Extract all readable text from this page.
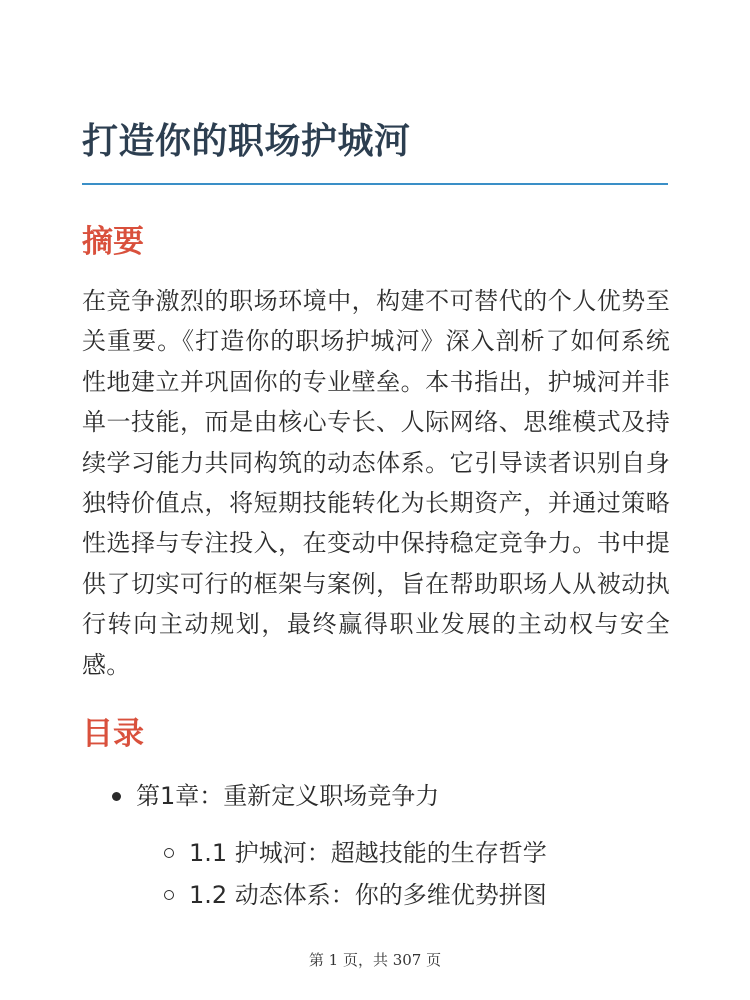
打造你的职场护城河
摘要

在竞争激烈的职场环境中，构建不可替代的个人优势至关重要。《打造你的职场护城河》深入剖析了如何系统性地建立并巩固你的专业壁垒。本书指出，护城河并非单一技能，而是由核心专长、人际网络、思维模式及持续学习能力共同构筑的动态体系。它引导读者识别自身独特价值点，将短期技能转化为长期资产，并通过策略性选择与专注投入，在变动中保持稳定竞争力。书中提供了切实可行的框架与案例，旨在帮助职场人从被动执行转向主动规划，最终赢得职业发展的主动权与安全感。

目录
第1章：重新定义职场竞争力
1.1 护城河：超越技能的生存哲学
1.2 动态体系：你的多维优势拼图
第 1 页，共 307 页
